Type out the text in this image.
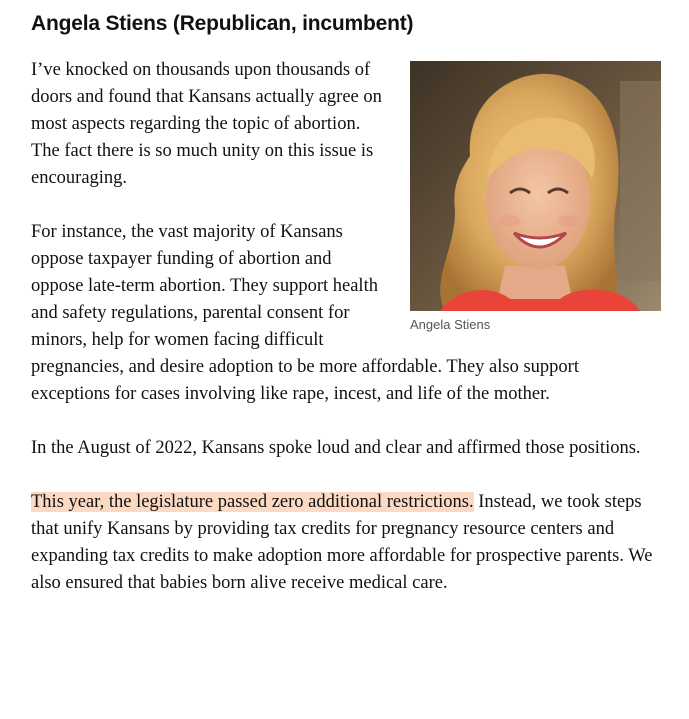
Angela Stiens (Republican, incumbent)
Angela Stiens

I’ve knocked on thousands upon thousands of doors and found that Kansans actually agree on most aspects regarding the topic of abortion. The fact there is so much unity on this issue is encouraging.

For instance, the vast majority of Kansans oppose taxpayer funding of abortion and oppose late-term abortion. They support health and safety regulations, parental consent for minors, help for women facing difficult pregnancies, and desire adoption to be more affordable. They also support exceptions for cases involving like rape, incest, and life of the mother.

In the August of 2022, Kansans spoke loud and clear and affirmed those positions.

This year, the legislature passed zero additional restrictions. Instead, we took steps that unify Kansans by providing tax credits for pregnancy resource centers and expanding tax credits to make adoption more affordable for prospective parents. We also ensured that babies born alive receive medical care.
